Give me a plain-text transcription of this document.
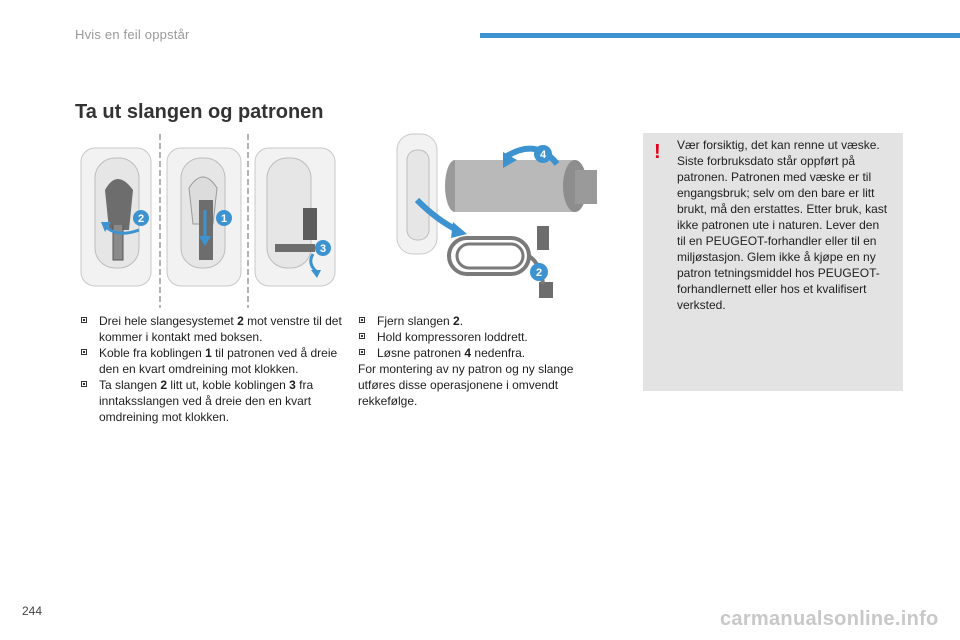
Hvis en feil oppstår
Ta ut slangen og patronen
2	1
3
4
2
Drei hele slangesystemet 2 mot venstre til det kommer i kontakt med boksen.
Koble fra koblingen 1 til patronen ved å dreie den en kvart omdreining mot klokken.
Ta slangen 2 litt ut, koble koblingen 3 fra inntaksslangen ved å dreie den en kvart omdreining mot klokken.
Fjern slangen 2.
Hold kompressoren loddrett.
Løsne patronen 4 nedenfra.
For montering av ny patron og ny slange utføres disse operasjonene i omvendt rekkefølge.
! Vær forsiktig, det kan renne ut væske. Siste forbruksdato står oppført på patronen. Patronen med væske er til engangsbruk; selv om den bare er litt brukt, må den erstattes. Etter bruk, kast ikke patronen ute i naturen. Lever den til en PEUGEOT-forhandler eller til en miljøstasjon. Glem ikke å kjøpe en ny patron tetningsmiddel hos PEUGEOT-forhandlernett eller hos et kvalifisert verksted.
244	carmanualsonline.info
